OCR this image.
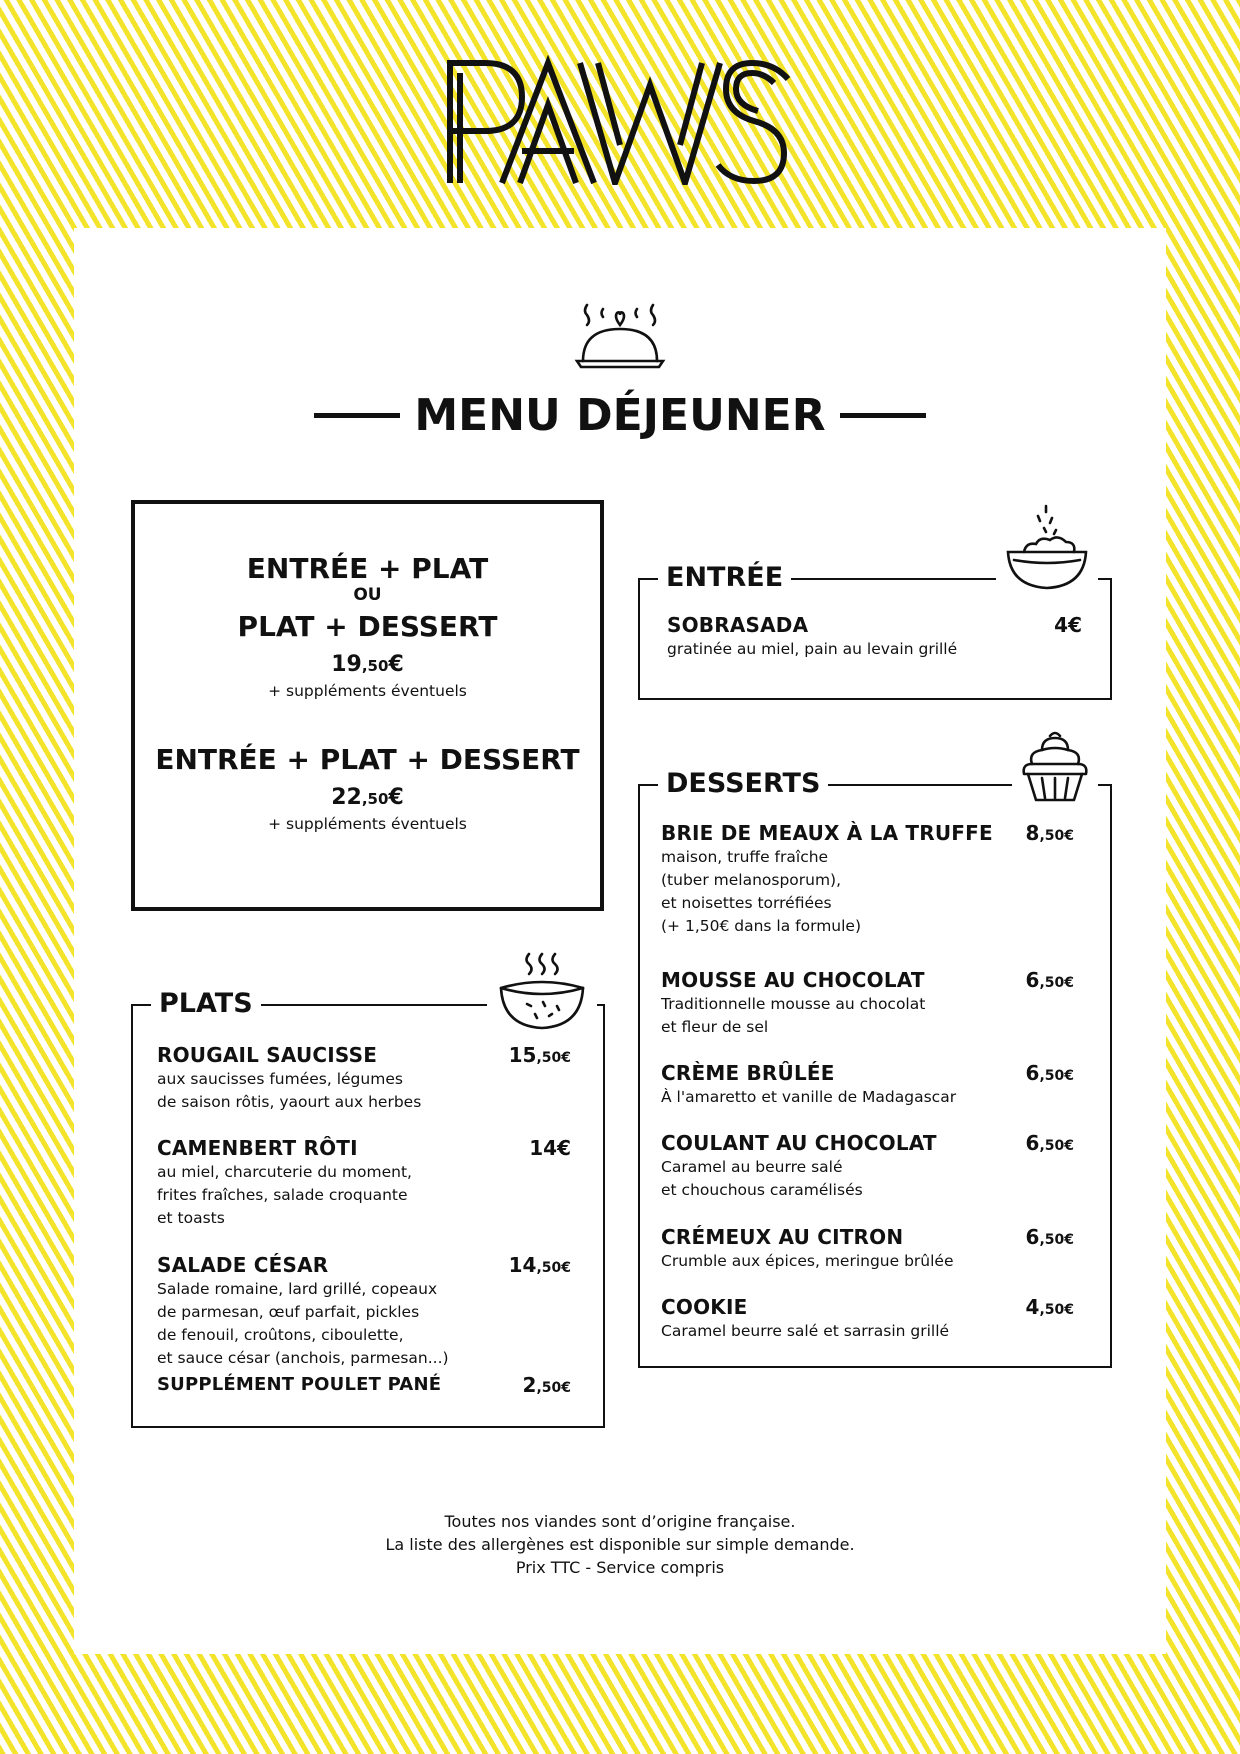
MENU DÉJEUNER
ENTRÉE + PLAT
OU
PLAT + DESSERT
19,50€
+ suppléments éventuels
ENTRÉE + PLAT + DESSERT
22,50€
+ suppléments éventuels
ENTRÉE
PLATS
DESSERTS
SOBRASADA	4€
gratinée au miel, pain au levain grillé
ROUGAIL SAUCISSE	15,50€
aux saucisses fumées, légumes
de saison rôtis, yaourt aux herbes
CAMENBERT RÔTI	14€
au miel, charcuterie du moment,
frites fraîches, salade croquante
et toasts
SALADE CÉSAR	14,50€
Salade romaine, lard grillé, copeaux
de parmesan, œuf parfait, pickles
de fenouil, croûtons, ciboulette,
et sauce césar (anchois, parmesan...)
SUPPLÉMENT POULET PANÉ	2,50€
BRIE DE MEAUX À LA TRUFFE	8,50€
maison, truffe fraîche
(tuber melanosporum),
et noisettes torréfiées
(+ 1,50€ dans la formule)
MOUSSE AU CHOCOLAT	6,50€
Traditionnelle mousse au chocolat
et fleur de sel
CRÈME BRÛLÉE	6,50€
À l'amaretto et vanille de Madagascar
COULANT AU CHOCOLAT	6,50€
Caramel au beurre salé
et chouchous caramélisés
CRÉMEUX AU CITRON	6,50€
Crumble aux épices, meringue brûlée
COOKIE	4,50€
Caramel beurre salé et sarrasin grillé
Toutes nos viandes sont d’origine française.
La liste des allergènes est disponible sur simple demande.
Prix TTC - Service compris
